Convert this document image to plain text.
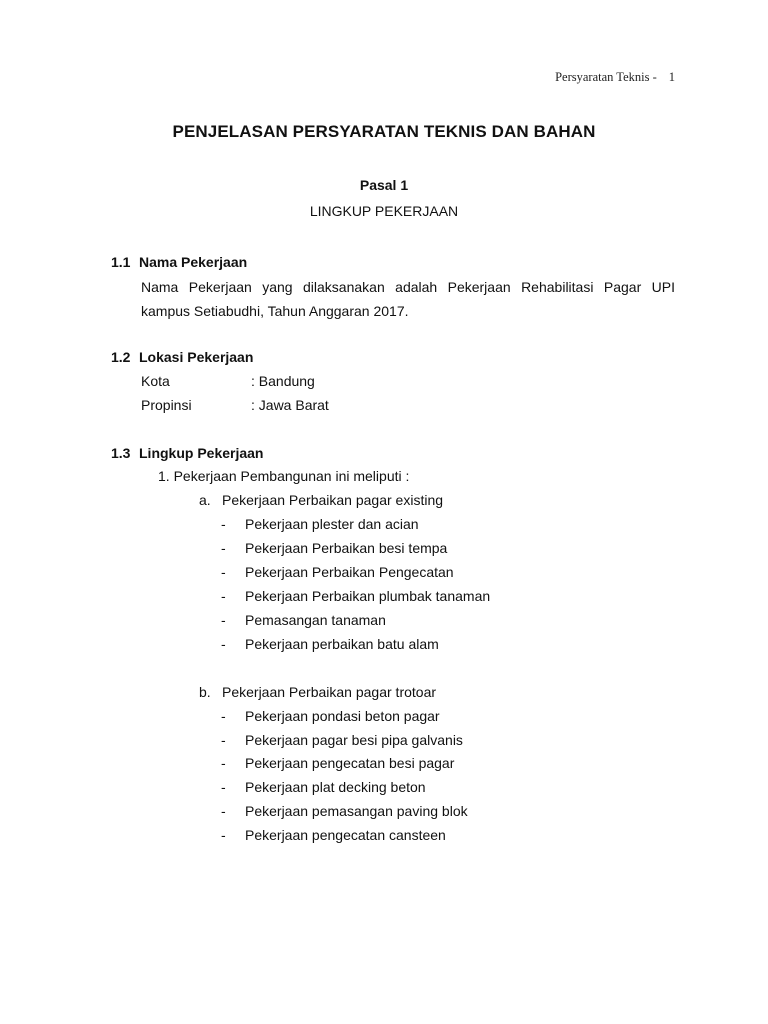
Persyaratan Teknis - 1
PENJELASAN PERSYARATAN TEKNIS DAN BAHAN
Pasal 1
LINGKUP PEKERJAAN
1.1 Nama Pekerjaan
Nama Pekerjaan yang dilaksanakan adalah Pekerjaan Rehabilitasi Pagar UPI kampus Setiabudhi, Tahun Anggaran 2017.
1.2 Lokasi Pekerjaan
Kota	: Bandung
Propinsi	: Jawa Barat
1.3 Lingkup Pekerjaan
1. Pekerjaan Pembangunan ini meliputi :
a. Pekerjaan Perbaikan pagar existing
- Pekerjaan plester dan acian
- Pekerjaan Perbaikan besi tempa
- Pekerjaan Perbaikan Pengecatan
- Pekerjaan Perbaikan plumbak tanaman
- Pemasangan tanaman
- Pekerjaan perbaikan batu alam
b. Pekerjaan Perbaikan pagar trotoar
- Pekerjaan pondasi beton pagar
- Pekerjaan pagar besi pipa galvanis
- Pekerjaan pengecatan besi pagar
- Pekerjaan plat decking beton
- Pekerjaan pemasangan paving blok
- Pekerjaan pengecatan cansteen
